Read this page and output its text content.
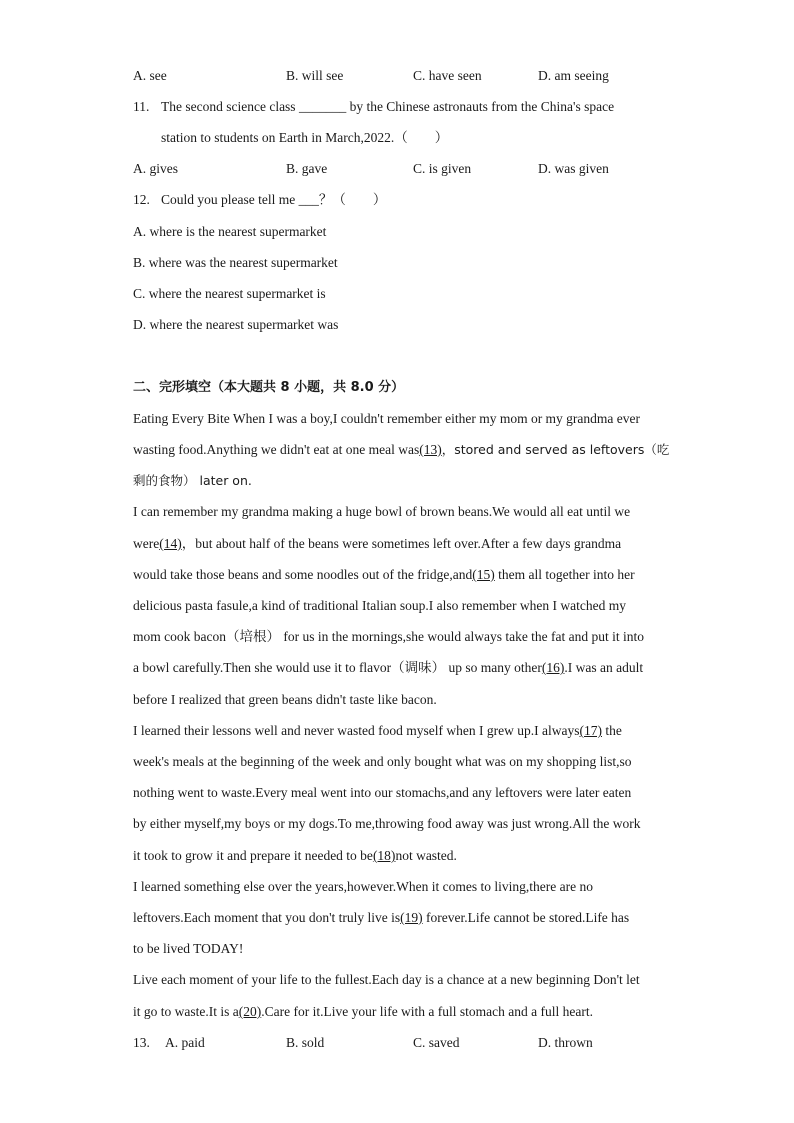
A. see	B. will see	C. have seen	D. am seeing
11. The second science class _______ by the Chinese astronauts from the China's space
station to students on Earth in March,2022.（　　）
A. gives	B. gave	C. is given	D. was given
12. Could you please tell me ___？（　　）
A. where is the nearest supermarket
B. where was the nearest supermarket
C. where the nearest supermarket is
D. where the nearest supermarket was
二、完形填空（本大题共 8 小题，共 8.0 分）
Eating Every Bite When I was a boy,I couldn't remember either my mom or my grandma ever
wasting food.Anything we didn't eat at one meal was(13)，stored and served as leftovers（吃
剩的食物） later on.
I can remember my grandma making a huge bowl of brown beans.We would all eat until we
were(14)，but about half of the beans were sometimes left over.After a few days grandma
would take those beans and some noodles out of the fridge,and(15) them all together into her
delicious pasta fasule,a kind of traditional Italian soup.I also remember when I watched my
mom cook bacon（培根） for us in the mornings,she would always take the fat and put it into
a bowl carefully.Then she would use it to flavor（调味） up so many other(16).I was an adult
before I realized that green beans didn't taste like bacon.
I learned their lessons well and never wasted food myself when I grew up.I always(17) the
week's meals at the beginning of the week and only bought what was on my shopping list,so
nothing went to waste.Every meal went into our stomachs,and any leftovers were later eaten
by either myself,my boys or my dogs.To me,throwing food away was just wrong.All the work
it took to grow it and prepare it needed to be(18)not wasted.
I learned something else over the years,however.When it comes to living,there are no
leftovers.Each moment that you don't truly live is(19) forever.Life cannot be stored.Life has
to be lived TODAY!
Live each moment of your life to the fullest.Each day is a chance at a new beginning Don't let
it go to waste.It is a(20).Care for it.Live your life with a full stomach and a full heart.
13. A. paid	B. sold	C. saved	D. thrown
